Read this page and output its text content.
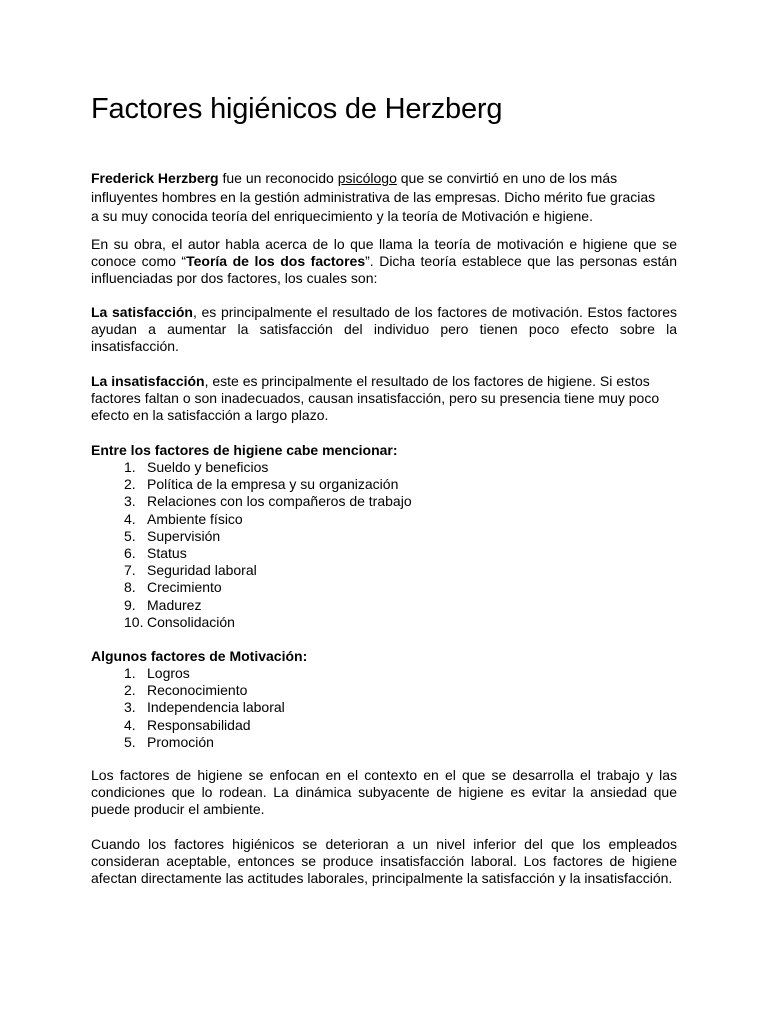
Factores higiénicos de Herzberg
Frederick Herzberg fue un reconocido psicólogo que se convirtió en uno de los más
influyentes hombres en la gestión administrativa de las empresas. Dicho mérito fue gracias
a su muy conocida teoría del enriquecimiento y la teoría de Motivación e higiene.

En su obra, el autor habla acerca de lo que llama la teoría de motivación e higiene que se conoce como “Teoría de los dos factores”. Dicha teoría establece que las personas están influenciadas por dos factores, los cuales son:

La satisfacción, es principalmente el resultado de los factores de motivación. Estos factores ayudan a aumentar la satisfacción del individuo pero tienen poco efecto sobre la insatisfacción.

La insatisfacción, este es principalmente el resultado de los factores de higiene. Si estos factores faltan o son inadecuados, causan insatisfacción, pero su presencia tiene muy poco efecto en la satisfacción a largo plazo.

Entre los factores de higiene cabe mencionar:

1. Sueldo y beneficios
2. Política de la empresa y su organización
3. Relaciones con los compañeros de trabajo
4. Ambiente físico
5. Supervisión
6. Status
7. Seguridad laboral
8. Crecimiento
9. Madurez
10. Consolidación

Algunos factores de Motivación:

1. Logros
2. Reconocimiento
3. Independencia laboral
4. Responsabilidad
5. Promoción

Los factores de higiene se enfocan en el contexto en el que se desarrolla el trabajo y las condiciones que lo rodean. La dinámica subyacente de higiene es evitar la ansiedad que puede producir el ambiente.

Cuando los factores higiénicos se deterioran a un nivel inferior del que los empleados consideran aceptable, entonces se produce insatisfacción laboral. Los factores de higiene afectan directamente las actitudes laborales, principalmente la satisfacción y la insatisfacción.
